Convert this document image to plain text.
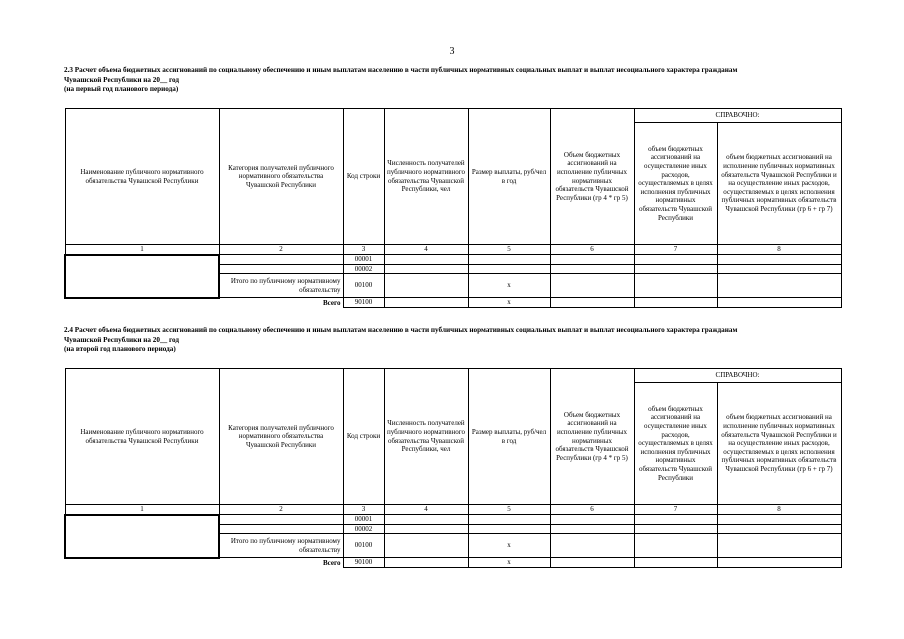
3
2.3 Расчет объема бюджетных ассигнований по социальному обеспечению и иным выплатам населению в части публичных нормативных социальных выплат и выплат несоциального характера гражданам
Чувашской Республики на 20__ год
(на первый год планового периода)
Наименование публичного нормативного обязательства Чувашской Республики	Категория получателей публичного нормативного обязательства Чувашской Республики	Код строки	Численность получателей публичного нормативного обязательства Чувашской Республики, чел	Размер выплаты, руб/чел в год	Объем бюджетных ассигнований на исполнение публичных нормативных обязательств Чувашской Республики (гр 4 * гр 5)	СПРАВОЧНО:	
						объем бюджетных ассигнований на осуществление иных расходов, осуществляемых в целях исполнения публичных нормативных обязательств Чувашской Республики	объем бюджетных ассигнований на исполнение публичных нормативных обязательств Чувашской Республики и на осуществление иных расходов, осуществляемых в целях исполнения публичных нормативных обязательств Чувашской Республики (гр 6 + гр 7)
1	2	3	4	5	6	7	8
		00001					
		00002					
	Итого по публичному нормативному обязательству	00100		x			
Всего		90100		x			
2.4 Расчет объема бюджетных ассигнований по социальному обеспечению и иным выплатам населению в части публичных нормативных социальных выплат и выплат несоциального характера гражданам
Чувашской Республики на 20__ год
(на второй год планового периода)
Наименование публичного нормативного обязательства Чувашской Республики	Категория получателей публичного нормативного обязательства Чувашской Республики	Код строки	Численность получателей публичного нормативного обязательства Чувашской Республики, чел	Размер выплаты, руб/чел в год	Объем бюджетных ассигнований на исполнение публичных нормативных обязательств Чувашской Республики (гр 4 * гр 5)	СПРАВОЧНО:	
						объем бюджетных ассигнований на осуществление иных расходов, осуществляемых в целях исполнения публичных нормативных обязательств Чувашской Республики	объем бюджетных ассигнований на исполнение публичных нормативных обязательств Чувашской Республики и на осуществление иных расходов, осуществляемых в целях исполнения публичных нормативных обязательств Чувашской Республики (гр 6 + гр 7)
1	2	3	4	5	6	7	8
		00001					
		00002					
	Итого по публичному нормативному обязательству	00100		x			
Всего		90100		x			
